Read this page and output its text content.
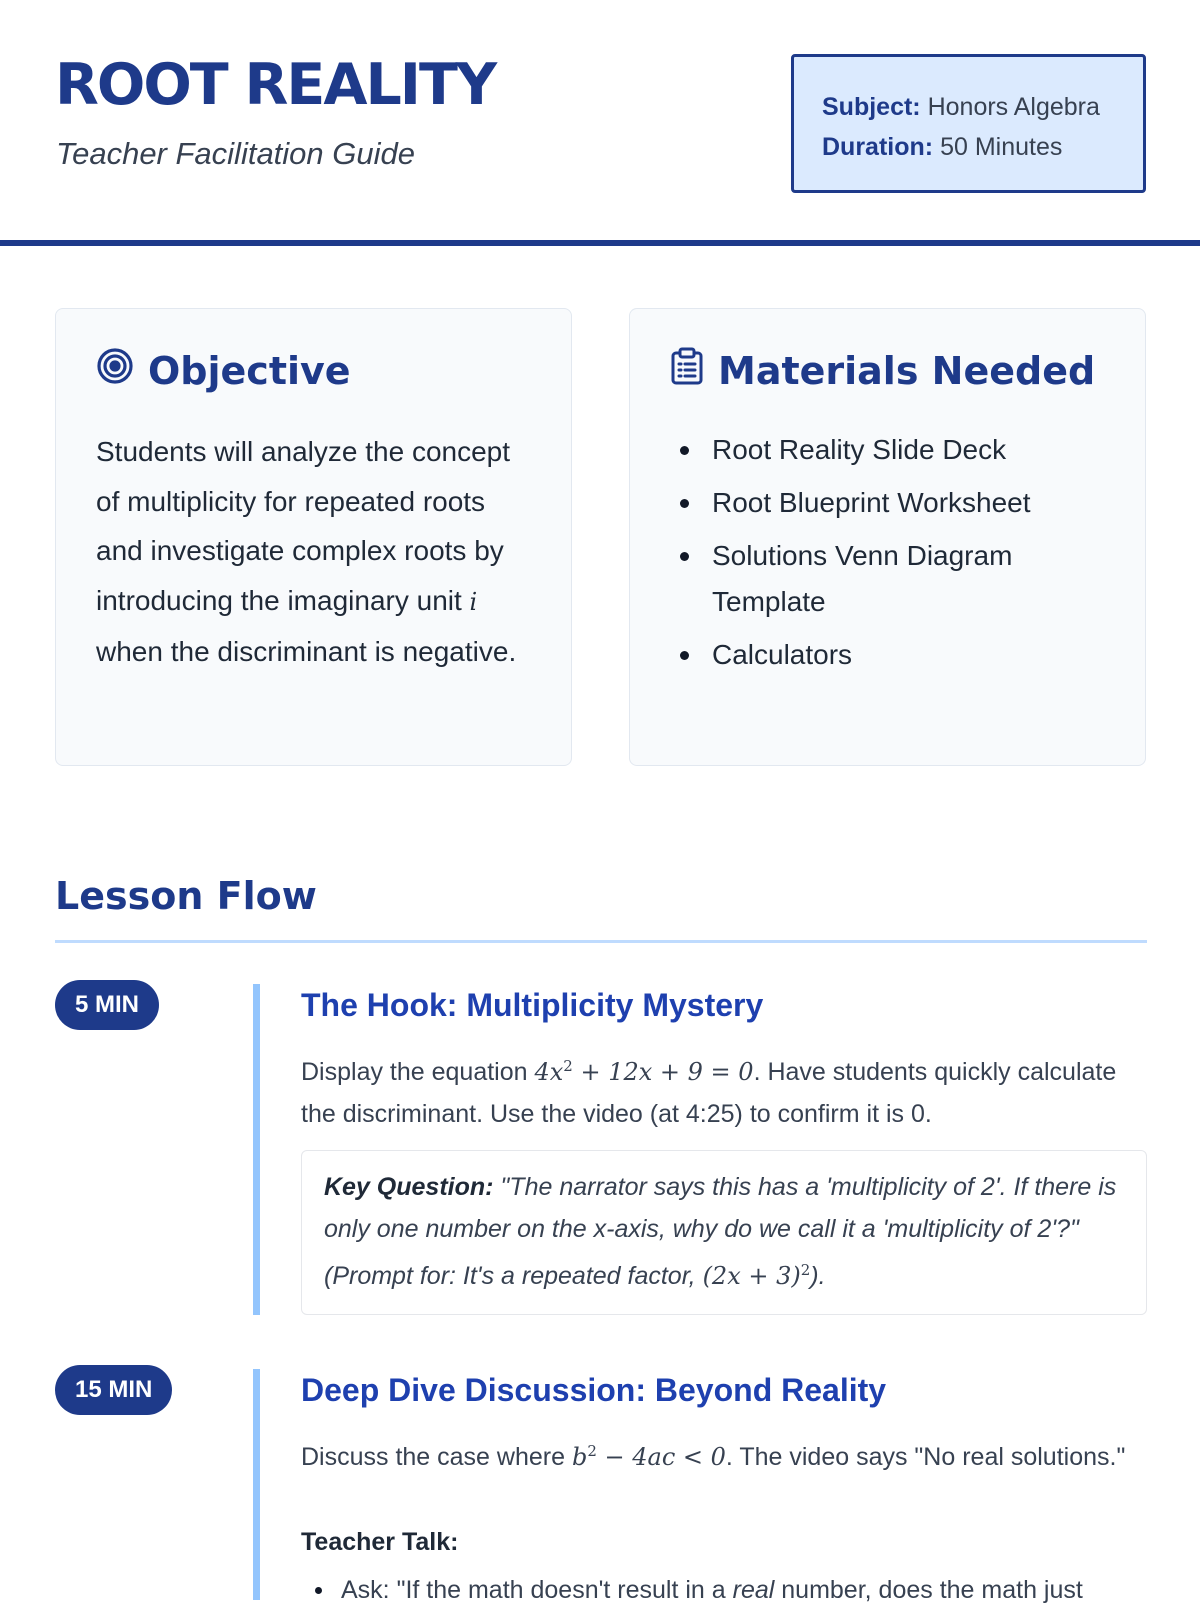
ROOT REALITY
Teacher Facilitation Guide
Subject: Honors Algebra
Duration: 50 Minutes
Objective
Students will analyze the concept of multiplicity for repeated roots and investigate complex roots by introducing the imaginary unit i when the discriminant is negative.
Materials Needed
Root Reality Slide Deck
Root Blueprint Worksheet
Solutions Venn Diagram Template
Calculators
Lesson Flow
5 MIN	The Hook: Multiplicity Mystery
Display the equation $4x^2 + 12x + 9 = 0$. Have students quickly calculate the discriminant. Use the video (at 4:25) to confirm it is 0.
Key Question: "The narrator says this has a 'multiplicity of 2'. If there is only one number on the x-axis, why do we call it a 'multiplicity of 2'?" (Prompt for: It's a repeated factor, $(2x + 3)^2$).
15 MIN	Deep Dive Discussion: Beyond Reality
Discuss the case where $b^2 - 4ac < 0$. The video says "No real solutions."
Teacher Talk:
Ask: "If the math doesn't result in a real number, does the math just
